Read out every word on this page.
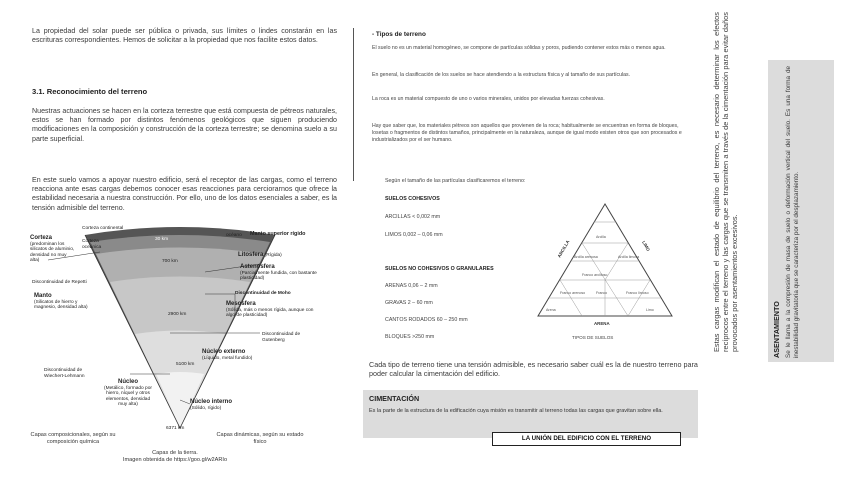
La propiedad del solar puede ser pública o privada, sus límites o lindes constarán en las escrituras correspondientes. Hemos de solicitar a la propiedad que nos facilite estos datos.

3.1. Reconocimiento del terreno

Nuestras actuaciones se hacen en la corteza terrestre que está compuesta de pétreos naturales, estos se han formado por distintos fenómenos geológicos que siguen produciendo modificaciones en la composición y construcción de la corteza terrestre; se denomina suelo a su parte superficial.

En este suelo vamos a apoyar nuestro edificio, será el receptor de las cargas, como el terreno reacciona ante esas cargas debemos conocer esas reacciones para cerciorarnos que ofrece la estabilidad necesaria a nuestra construcción. Por ello, uno de los datos esenciales a saber, es la tensión admisible del terreno.

Corteza
(predominan los silicatos de aluminio, densidad no muy alta)
Corteza continental
Corteza oceánica
océano Manto superior rígido
Litosfera (Rígida)
Astenosfera
(Parcialmente fundida, con bastante plasticidad)
Discontinuidad de Repetti
Discontinuidad de Moho
Manto
(Silicatos de hierro y magnesio, densidad alta)
Mesosfera
(Sólida, más o menos rígida, aunque con algo de plasticidad)
Discontinuidad de Gutenberg
Núcleo externo
(Líquido, metal fundido)
Discontinuidad de Wiechert-Lehmann
Núcleo
(Metálico, formado por hierro, níquel y otros elementos, densidad muy alta)	Núcleo interno
(Sólido, rígido)
30 km
700 km
2900 km
5100 km
6371 km
Capas composicionales, según su composición química
Capas dinámicas, según su estado físico
Capas de la tierra.
Imagen obtenida de https://goo.gl/w2ARIo
- Tipos de terreno

El suelo no es un material homogéneo, se compone de partículas sólidas y poros, pudiendo contener estos más o menos agua.

En general, la clasificación de los suelos se hace atendiendo a la estructura física y al tamaño de sus partículas.

La roca es un material compuesto de uno o varios minerales, unidos por elevadas fuerzas cohesivas.

Hay que saber que, los materiales pétreos son aquellos que provienen de la roca; habitualmente se encuentran en forma de bloques, losetas o fragmentos de distintos tamaños, principalmente en la naturaleza, aunque de igual modo existen otros que son procesados e industrializados por el ser humano.

Según el tamaño de las partículas clasificaremos el terreno:
SUELOS COHESIVOS
ARCILLAS < 0,002 mm
LIMOS 0,002 – 0,06 mm
SUELOS NO COHESIVOS O GRANULARES
ARENAS 0,06 – 2 mm
GRAVAS 2 – 60 mm
CANTOS RODADOS 60 – 250 mm
BLOQUES >250 mm
Arcilla
Arcilla arenosa	Arcilla limosa
Franco arcilloso
Franco arenoso	Franco	Franco limoso
Arena	Limo
ARCILLA	LIMO
ARENA
TIPOS DE SUELOS

Cada tipo de terreno tiene una tensión admisible, es necesario saber cuál es la de nuestro terreno para poder calcular la cimentación del edificio.

CIMENTACIÓN
Es la parte de la estructura de la edificación cuya misión es transmitir al terreno todas las cargas que gravitan sobre ella.
LA UNIÓN DEL EDIFICIO CON EL TERRENO

Estas cargas modifican el estado de equilibrio del terreno, es necesario determinar los efectos recíprocos entre el terreno y las cargas que se transmiten a través de la cimentación para evitar daños provocados por asentamientos excesivos.	ASENTAMIENTO Se le llama a la compresión de masa de suelo o deformación vertical del suelo. Es una forma de inestabilidad gravitatoria que se caracteriza por el desplazamiento.
